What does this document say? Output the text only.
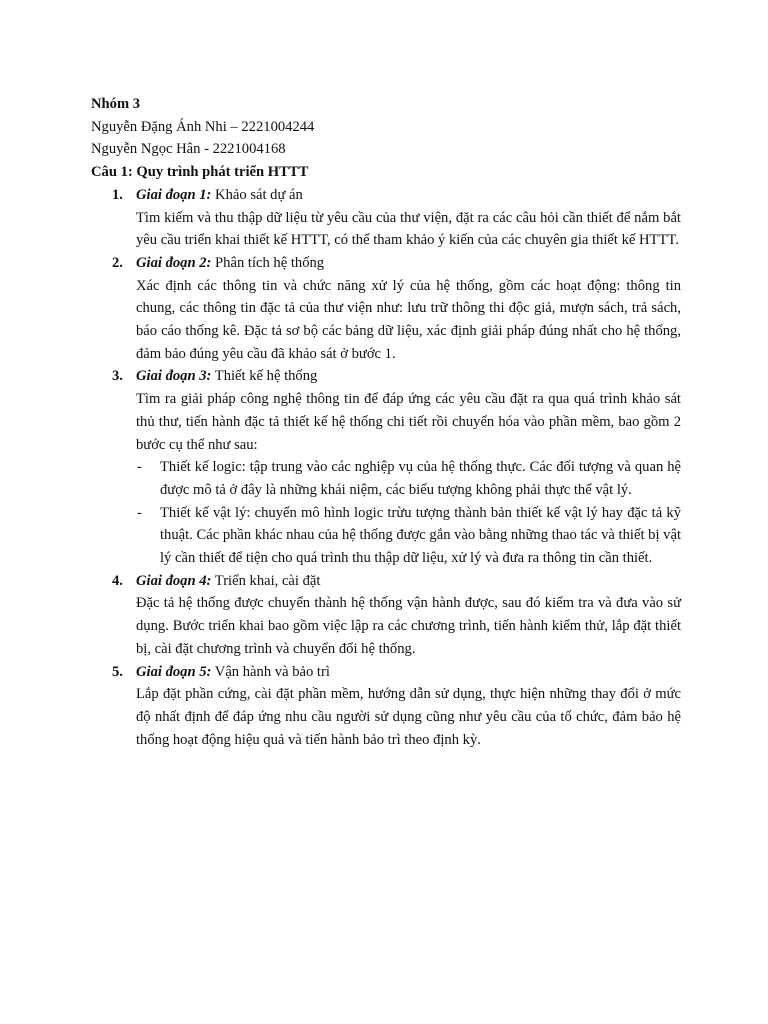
Nhóm 3
Nguyễn Đặng Ánh Nhi – 2221004244
Nguyễn Ngọc Hân - 2221004168
Câu 1: Quy trình phát triển HTTT
1. Giai đoạn 1: Khảo sát dự án
Tìm kiếm và thu thập dữ liệu từ yêu cầu của thư viện, đặt ra các câu hỏi cần thiết để nắm bắt yêu cầu triển khai thiết kế HTTT, có thể tham khảo ý kiến của các chuyên gia thiết kế HTTT.
2. Giai đoạn 2: Phân tích hệ thống
Xác định các thông tin và chức năng xử lý của hệ thống, gồm các hoạt động: thông tin chung, các thông tin đặc tả của thư viện như: lưu trữ thông thi độc giả, mượn sách, trả sách, báo cáo thống kê. Đặc tả sơ bộ các bảng dữ liệu, xác định giải pháp đúng nhất cho hệ thống, đảm bảo đúng yêu cầu đã khảo sát ở bước 1.
3. Giai đoạn 3: Thiết kế hệ thống
Tìm ra giải pháp công nghệ thông tin để đáp ứng các yêu cầu đặt ra qua quá trình khảo sát thủ thư, tiến hành đặc tả thiết kế hệ thống chi tiết rồi chuyển hóa vào phần mềm, bao gồm 2 bước cụ thể như sau:
- Thiết kế logic: tập trung vào các nghiệp vụ của hệ thống thực. Các đối tượng và quan hệ được mô tả ở đây là những khái niệm, các biểu tượng không phải thực thể vật lý.
- Thiết kế vật lý: chuyển mô hình logic trừu tượng thành bản thiết kế vật lý hay đặc tả kỹ thuật. Các phần khác nhau của hệ thống được gắn vào bằng những thao tác và thiết bị vật lý cần thiết để tiện cho quá trình thu thập dữ liệu, xử lý và đưa ra thông tin cần thiết.
4. Giai đoạn 4: Triển khai, cài đặt
Đặc tả hệ thống được chuyển thành hệ thống vận hành được, sau đó kiểm tra và đưa vào sử dụng. Bước triển khai bao gồm việc lập ra các chương trình, tiến hành kiểm thử, lắp đặt thiết bị, cài đặt chương trình và chuyển đổi hệ thống.
5. Giai đoạn 5: Vận hành và bảo trì
Lắp đặt phần cứng, cài đặt phần mềm, hướng dẫn sử dụng, thực hiện những thay đổi ở mức độ nhất định để đáp ứng nhu cầu người sử dụng cũng như yêu cầu của tổ chức, đảm bảo hệ thống hoạt động hiệu quả và tiến hành bảo trì theo định kỳ.
